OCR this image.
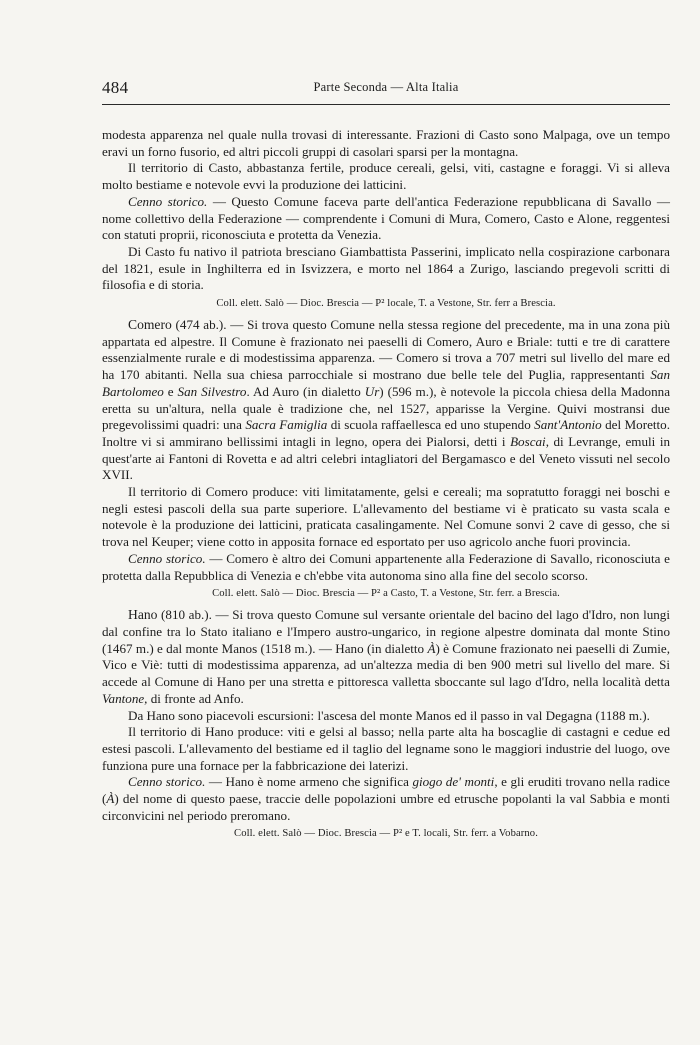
484	Parte Seconda — Alta Italia

modesta apparenza nel quale nulla trovasi di interessante. Frazioni di Casto sono Malpaga, ove un tempo eravi un forno fusorio, ed altri piccoli gruppi di casolari sparsi per la montagna.

Il territorio di Casto, abbastanza fertile, produce cereali, gelsi, viti, castagne e foraggi. Vi si alleva molto bestiame e notevole evvi la produzione dei latticini.

Cenno storico. — Questo Comune faceva parte dell'antica Federazione repubblicana di Savallo — nome collettivo della Federazione — comprendente i Comuni di Mura, Comero, Casto e Alone, reggentesi con statuti proprii, riconosciuta e protetta da Venezia.

Di Casto fu nativo il patriota bresciano Giambattista Passerini, implicato nella cospirazione carbonara del 1821, esule in Inghilterra ed in Isvizzera, e morto nel 1864 a Zurigo, lasciando pregevoli scritti di filosofia e di storia.

Coll. elett. Salò — Dioc. Brescia — P² locale, T. a Vestone, Str. ferr a Brescia.

Comero (474 ab.). — Si trova questo Comune nella stessa regione del precedente, ma in una zona più appartata ed alpestre. Il Comune è frazionato nei paeselli di Comero, Auro e Briale: tutti e tre di carattere essenzialmente rurale e di modestissima apparenza. — Comero si trova a 707 metri sul livello del mare ed ha 170 abitanti. Nella sua chiesa parrocchiale si mostrano due belle tele del Puglia, rappresentanti San Bartolomeo e San Silvestro. Ad Auro (in dialetto Ur) (596 m.), è notevole la piccola chiesa della Madonna eretta su un'altura, nella quale è tradizione che, nel 1527, apparisse la Vergine. Quivi mostransi due pregevolissimi quadri: una Sacra Famiglia di scuola raffaellesca ed uno stupendo Sant'Antonio del Moretto. Inoltre vi si ammirano bellissimi intagli in legno, opera dei Pialorsi, detti i Boscai, di Levrange, emuli in quest'arte ai Fantoni di Rovetta e ad altri celebri intagliatori del Bergamasco e del Veneto vissuti nel secolo XVII.

Il territorio di Comero produce: viti limitatamente, gelsi e cereali; ma sopratutto foraggi nei boschi e negli estesi pascoli della sua parte superiore. L'allevamento del bestiame vi è praticato su vasta scala e notevole è la produzione dei latticini, praticata casalingamente. Nel Comune sonvi 2 cave di gesso, che si trova nel Keuper; viene cotto in apposita fornace ed esportato per uso agricolo anche fuori provincia.

Cenno storico. — Comero è altro dei Comuni appartenente alla Federazione di Savallo, riconosciuta e protetta dalla Repubblica di Venezia e ch'ebbe vita autonoma sino alla fine del secolo scorso.

Coll. elett. Salò — Dioc. Brescia — P² a Casto, T. a Vestone, Str. ferr. a Brescia.

Hano (810 ab.). — Si trova questo Comune sul versante orientale del bacino del lago d'Idro, non lungi dal confine tra lo Stato italiano e l'Impero austro-ungarico, in regione alpestre dominata dal monte Stino (1467 m.) e dal monte Manos (1518 m.). — Hano (in dialetto À) è Comune frazionato nei paeselli di Zumie, Vico e Viè: tutti di modestissima apparenza, ad un'altezza media di ben 900 metri sul livello del mare. Si accede al Comune di Hano per una stretta e pittoresca valletta sboccante sul lago d'Idro, nella località detta Vantone, di fronte ad Anfo.

Da Hano sono piacevoli escursioni: l'ascesa del monte Manos ed il passo in val Degagna (1188 m.).

Il territorio di Hano produce: viti e gelsi al basso; nella parte alta ha boscaglie di castagni e cedue ed estesi pascoli. L'allevamento del bestiame ed il taglio del legname sono le maggiori industrie del luogo, ove funziona pure una fornace per la fabbricazione dei laterizi.

Cenno storico. — Hano è nome armeno che significa giogo de' monti, e gli eruditi trovano nella radice (À) del nome di questo paese, traccie delle popolazioni umbre ed etrusche popolanti la val Sabbia e monti circonvicini nel periodo preromano.

Coll. elett. Salò — Dioc. Brescia — P² e T. locali, Str. ferr. a Vobarno.
